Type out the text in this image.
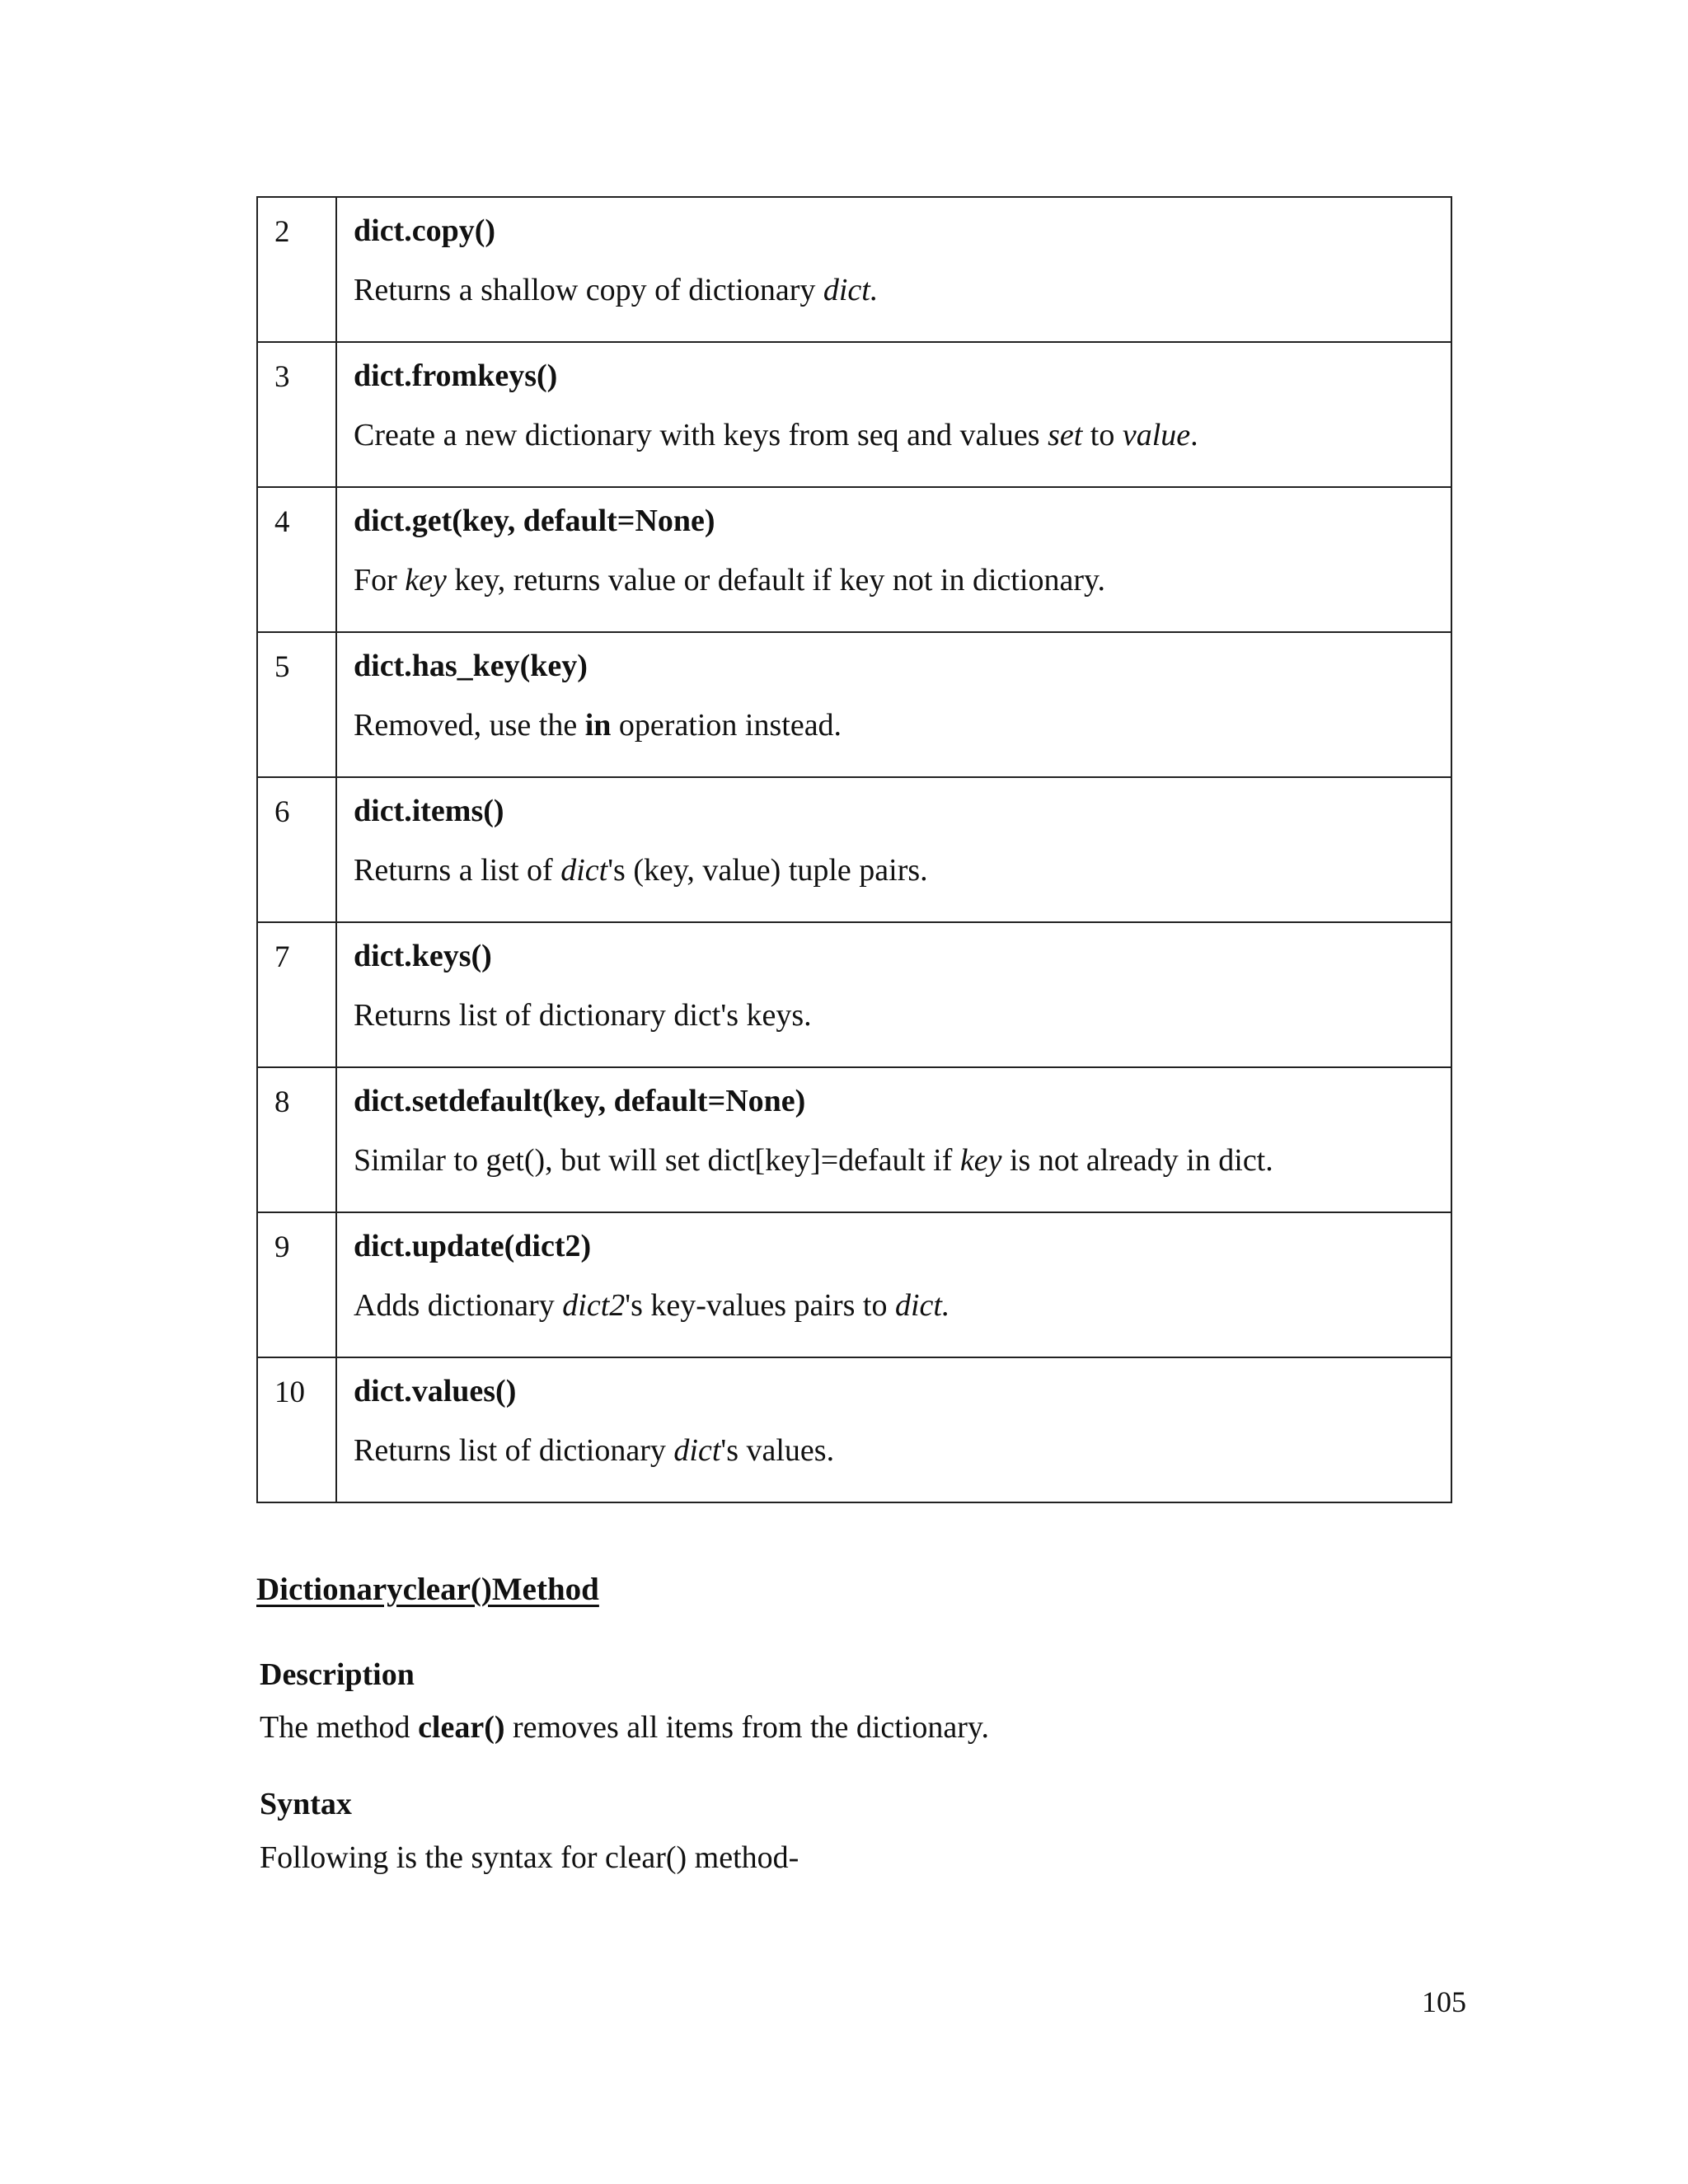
2	dict.copy()
Returns a shallow copy of dictionary dict.

3	dict.fromkeys()
Create a new dictionary with keys from seq and values set to value.

4	dict.get(key, default=None)
For key key, returns value or default if key not in dictionary.

5	dict.has_key(key)
Removed, use the in operation instead.

6	dict.items()
Returns a list of dict's (key, value) tuple pairs.

7	dict.keys()
Returns list of dictionary dict's keys.

8	dict.setdefault(key, default=None)
Similar to get(), but will set dict[key]=default if key is not already in dict.

9	dict.update(dict2)
Adds dictionary dict2's key-values pairs to dict.

10	dict.values()
Returns list of dictionary dict's values.
Dictionaryclear()Method
Description

The method clear() removes all items from the dictionary.

Syntax

Following is the syntax for clear() method-

105
